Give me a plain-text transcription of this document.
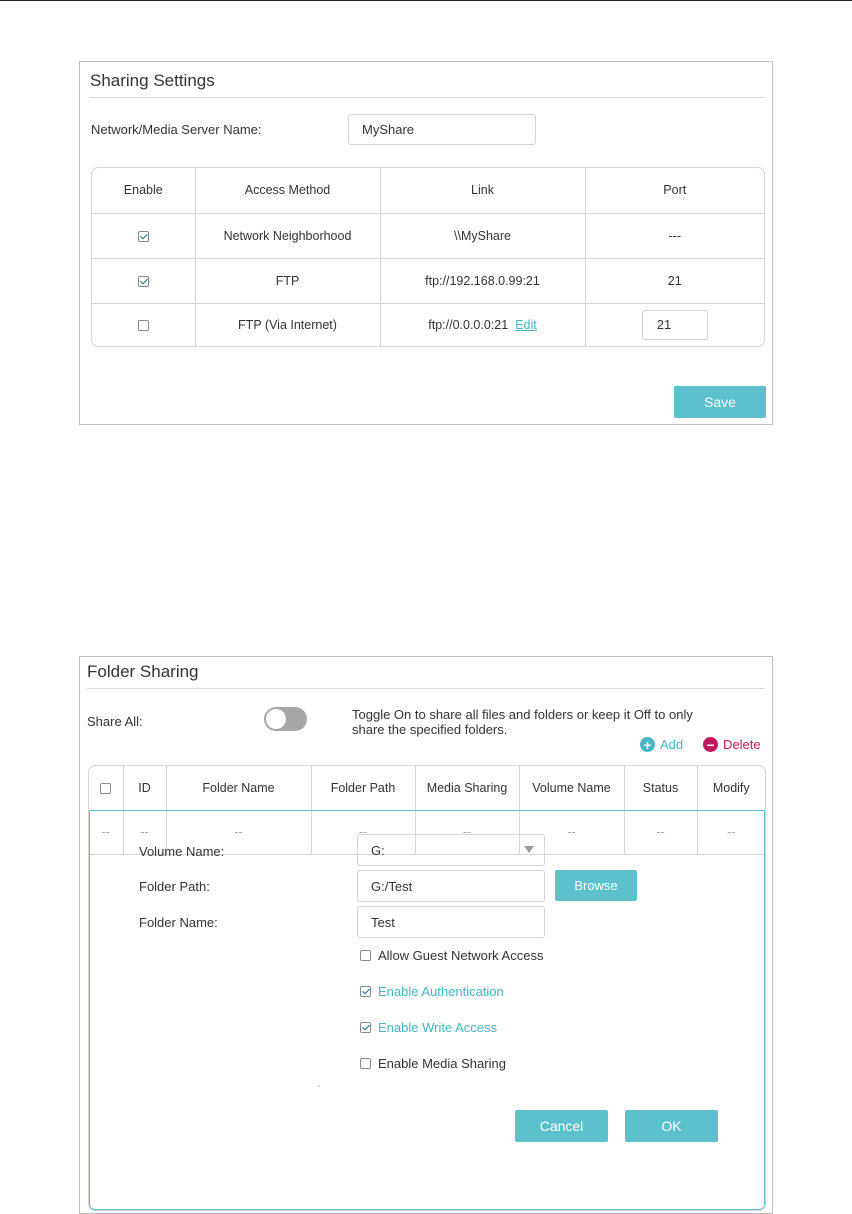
Sharing Settings
Network/Media Server Name:	MyShare
Enable	Access Method	Link	Port
	Network Neighborhood	\\MyShare	---
	FTP	ftp://192.168.0.99:21	21
	FTP (Via Internet)	ftp://0.0.0.0:21 Edit	21
Save
Folder Sharing
Share All:	Toggle On to share all files and folders or keep it Off to only
share the specified folders.
+ Add − Delete
	ID	Folder Name	Folder Path	Media Sharing	Volume Name	Status	Modify
--	--	--	--	--	--	--	--
Volume Name:	G:
Folder Path:	G:/Test	Browse
Folder Name:	Test
Allow Guest Network Access
Enable Authentication
Enable Write Access
Enable Media Sharing
Cancel	OK
